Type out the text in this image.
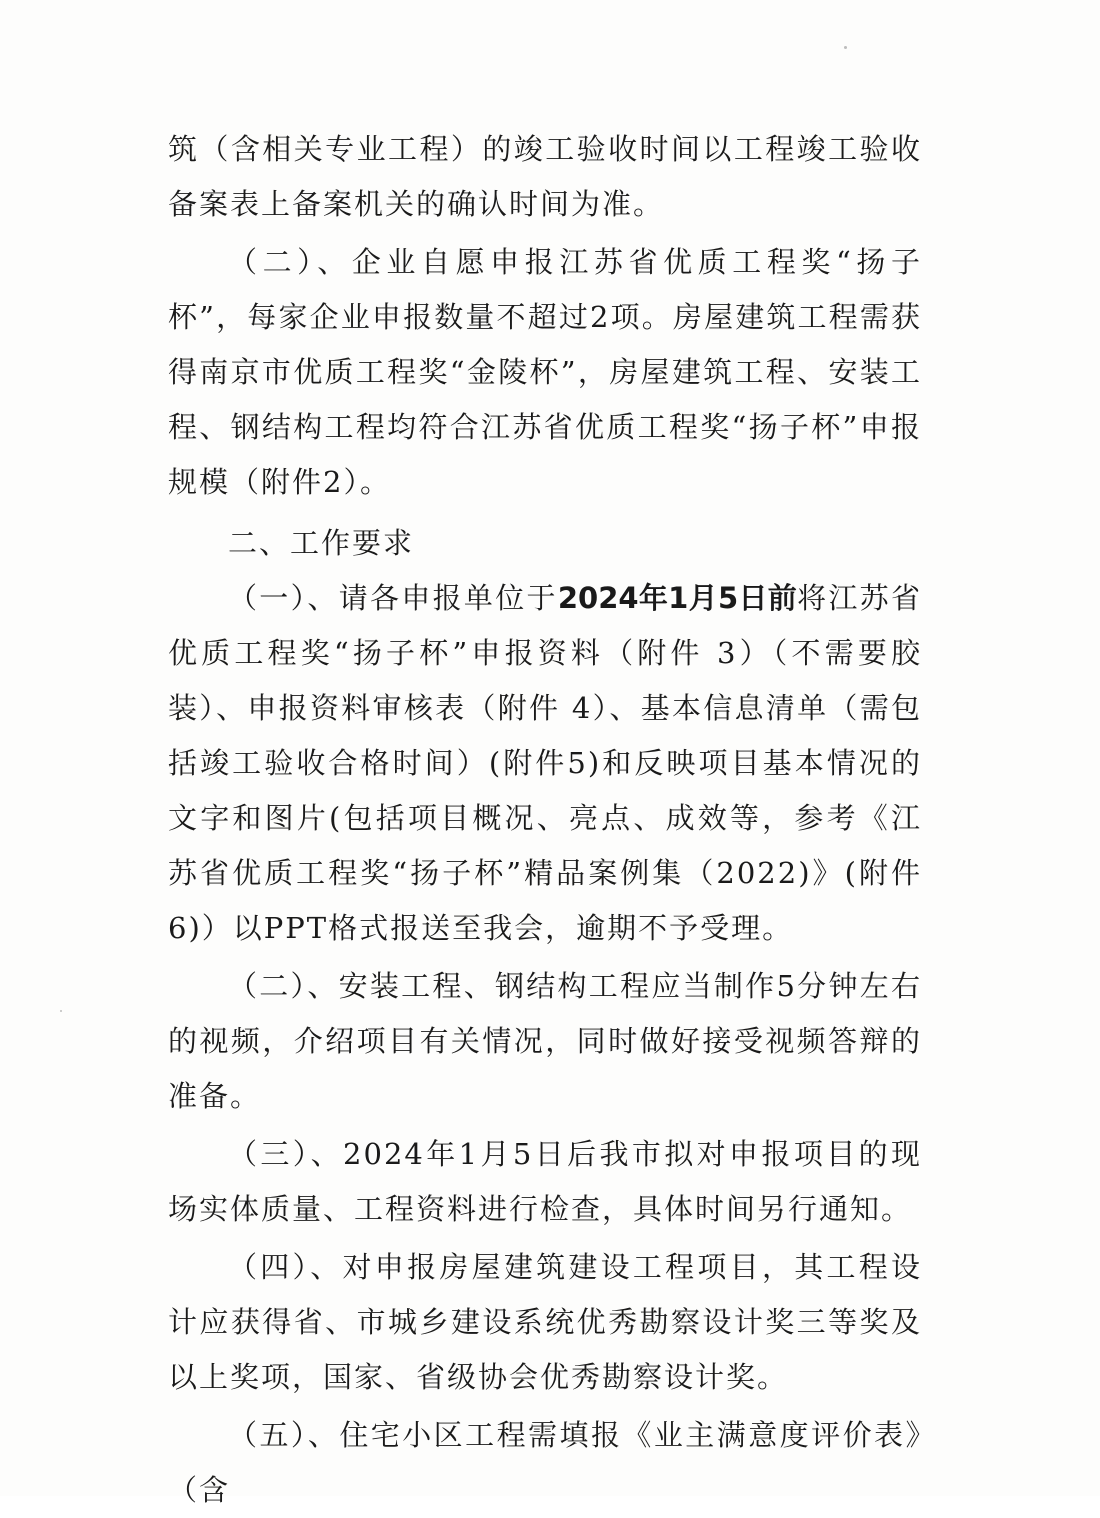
筑（含相关专业工程）的竣工验收时间以工程竣工验收备案表上备案机关的确认时间为准。

（二）、企业自愿申报江苏省优质工程奖“扬子杯”，每家企业申报数量不超过2项。房屋建筑工程需获得南京市优质工程奖“金陵杯”，房屋建筑工程、安装工程、钢结构工程均符合江苏省优质工程奖“扬子杯”申报规模（附件2）。

二、工作要求

（一）、请各申报单位于2024年1月5日前将江苏省优质工程奖“扬子杯”申报资料（附件 3）（不需要胶装）、申报资料审核表（附件 4）、基本信息清单（需包括竣工验收合格时间）(附件5)和反映项目基本情况的文字和图片(包括项目概况、亮点、成效等，参考《江苏省优质工程奖“扬子杯”精品案例集（2022)》(附件6)）以PPT格式报送至我会，逾期不予受理。

（二）、安装工程、钢结构工程应当制作5分钟左右的视频，介绍项目有关情况，同时做好接受视频答辩的准备。

（三）、2024年1月5日后我市拟对申报项目的现场实体质量、工程资料进行检查，具体时间另行通知。

（四）、对申报房屋建筑建设工程项目，其工程设计应获得省、市城乡建设系统优秀勘察设计奖三等奖及以上奖项，国家、省级协会优秀勘察设计奖。

（五）、住宅小区工程需填报《业主满意度评价表》（含
